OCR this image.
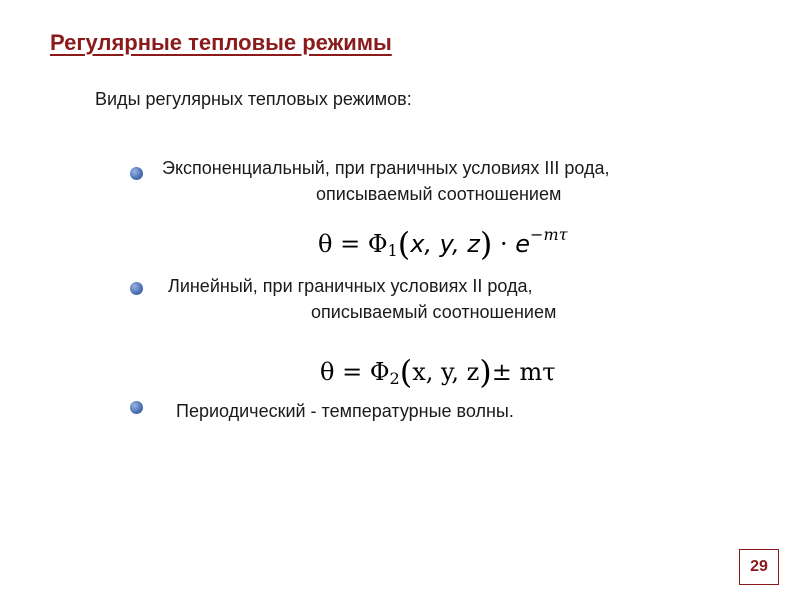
Регулярные тепловые режимы
Виды регулярных тепловых режимов:
Экспоненциальный, при граничных условиях III рода,
описываемый соотношением
$\theta = \Phi_1(x$, y, $z) \cdot e^{-m\tau}$
Линейный, при граничных условиях II рода,
описываемый соотношением
$\theta = \Phi_2(x$, y, z)± mτ
Периодический - температурные волны.
29
